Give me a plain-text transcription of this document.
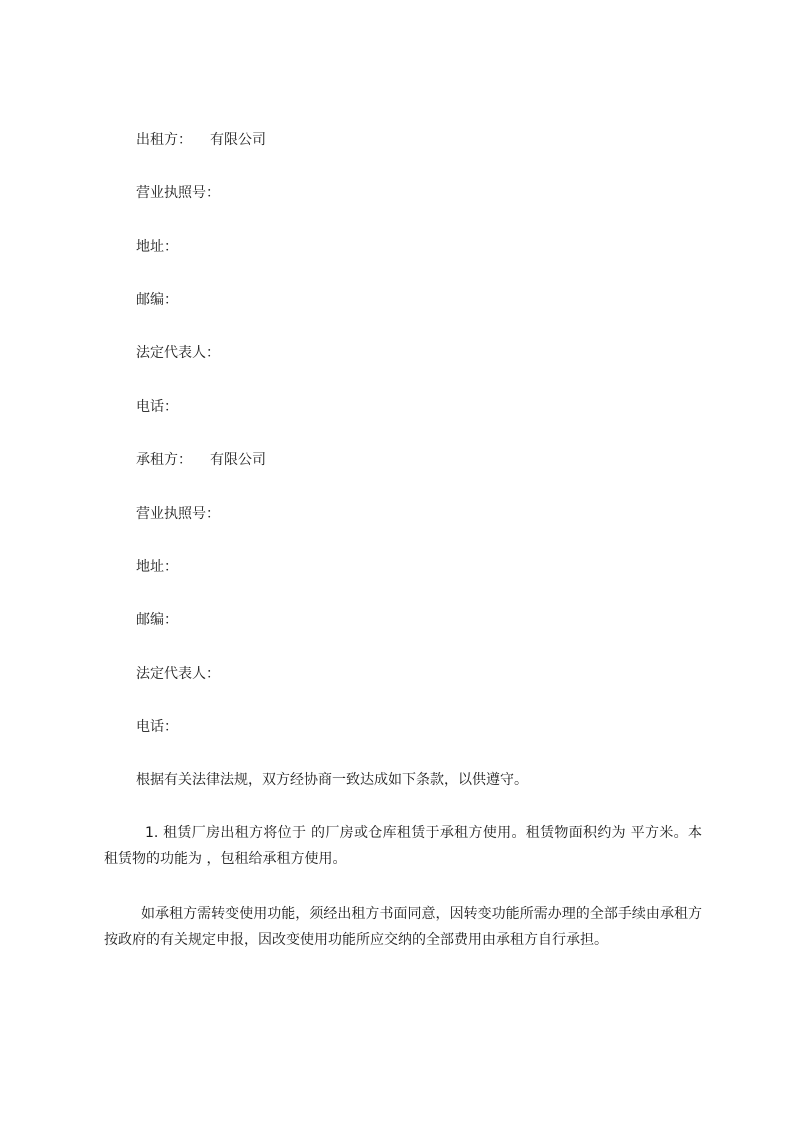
出租方： 有限公司
营业执照号：
地址：
邮编：
法定代表人：
电话：
承租方： 有限公司
营业执照号：
地址：
邮编：
法定代表人：
电话：
根据有关法律法规，双方经协商一致达成如下条款，以供遵守。
1. 租赁厂房出租方将位于 的厂房或仓库租赁于承租方使用。租赁物面积约为 平方米。本租赁物的功能为 ，包租给承租方使用。
如承租方需转变使用功能，须经出租方书面同意，因转变功能所需办理的全部手续由承租方按政府的有关规定申报，因改变使用功能所应交纳的全部费用由承租方自行承担。
